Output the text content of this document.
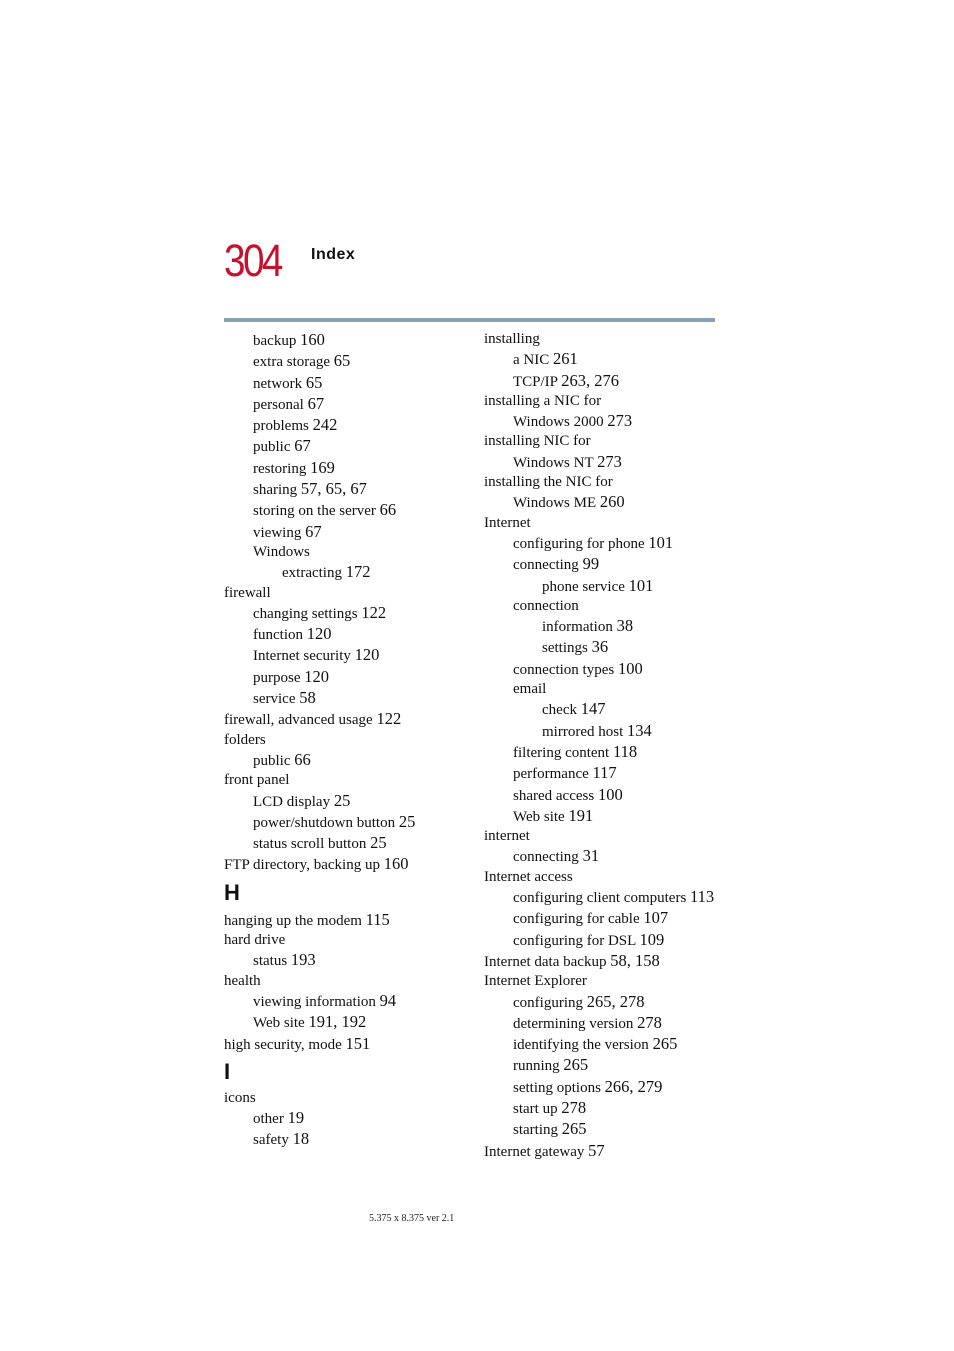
304 Index
backup 160
extra storage 65
network 65
personal 67
problems 242
public 67
restoring 169
sharing 57, 65, 67
storing on the server 66
viewing 67
Windows
extracting 172
firewall
changing settings 122
function 120
Internet security 120
purpose 120
service 58
firewall, advanced usage 122
folders
public 66
front panel
LCD display 25
power/shutdown button 25
status scroll button 25
FTP directory, backing up 160
H
hanging up the modem 115
hard drive
status 193
health
viewing information 94
Web site 191, 192
high security, mode 151
I
icons
other 19
safety 18
installing
a NIC 261
TCP/IP 263, 276
installing a NIC for
Windows 2000 273
installing NIC for
Windows NT 273
installing the NIC for
Windows ME 260
Internet
configuring for phone 101
connecting 99
phone service 101
connection
information 38
settings 36
connection types 100
email
check 147
mirrored host 134
filtering content 118
performance 117
shared access 100
Web site 191
internet
connecting 31
Internet access
configuring client computers 113
configuring for cable 107
configuring for DSL 109
Internet data backup 58, 158
Internet Explorer
configuring 265, 278
determining version 278
identifying the version 265
running 265
setting options 266, 279
start up 278
starting 265
Internet gateway 57
5.375 x 8.375 ver 2.1
